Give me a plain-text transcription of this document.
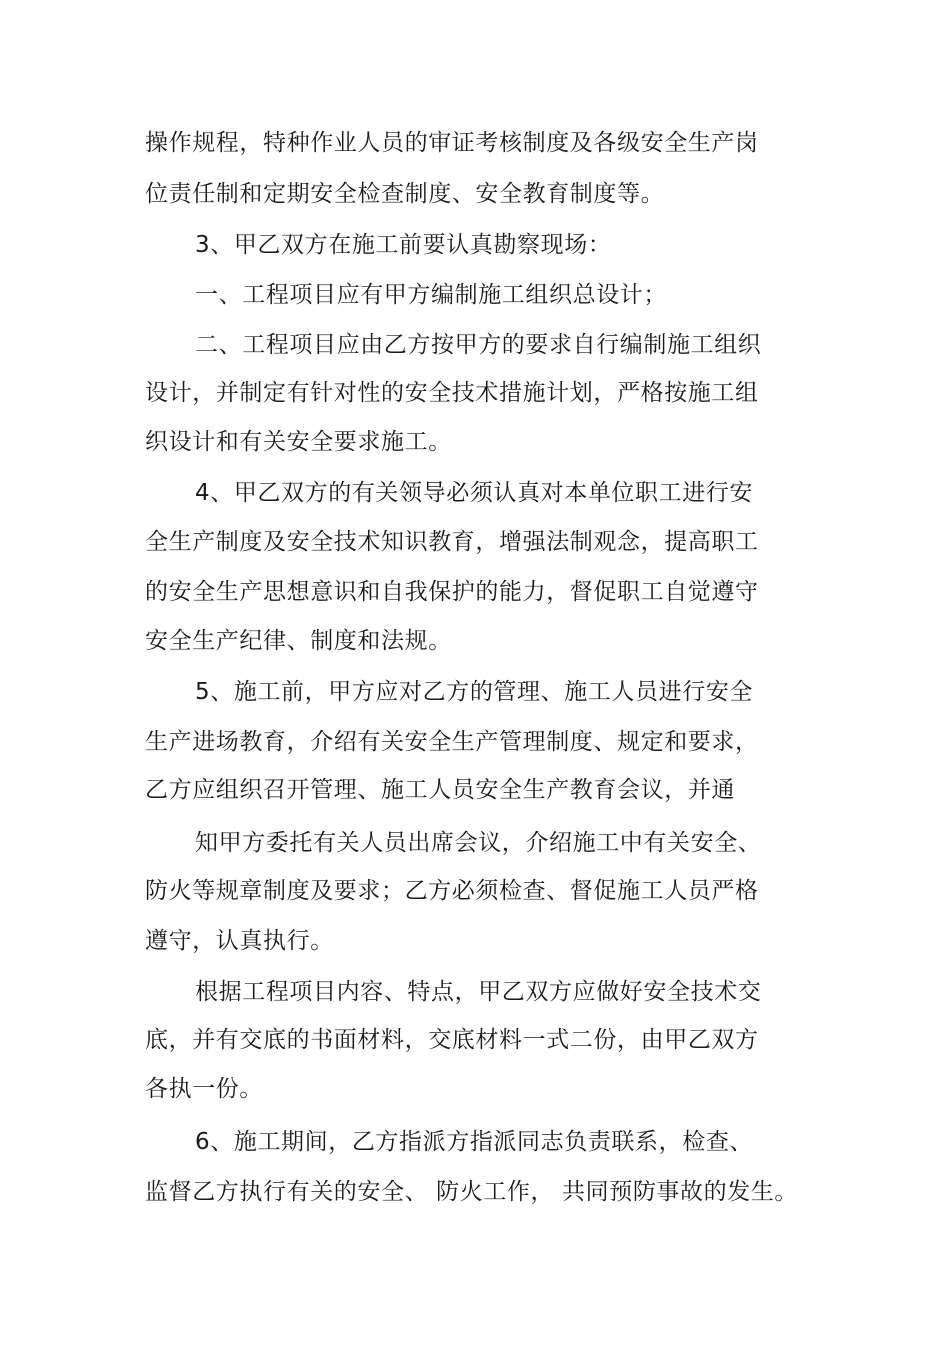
操作规程，特种作业人员的审证考核制度及各级安全生产岗
位责任制和定期安全检查制度、安全教育制度等。
3、甲乙双方在施工前要认真勘察现场：
一、工程项目应有甲方编制施工组织总设计；
二、工程项目应由乙方按甲方的要求自行编制施工组织
设计，并制定有针对性的安全技术措施计划，严格按施工组
织设计和有关安全要求施工。
4、甲乙双方的有关领导必须认真对本单位职工进行安
全生产制度及安全技术知识教育，增强法制观念，提高职工
的安全生产思想意识和自我保护的能力，督促职工自觉遵守
安全生产纪律、制度和法规。
5、施工前，甲方应对乙方的管理、施工人员进行安全
生产进场教育，介绍有关安全生产管理制度、规定和要求，
乙方应组织召开管理、施工人员安全生产教育会议，并通
知甲方委托有关人员出席会议，介绍施工中有关安全、
防火等规章制度及要求；乙方必须检查、督促施工人员严格
遵守，认真执行。
根据工程项目内容、特点，甲乙双方应做好安全技术交
底，并有交底的书面材料，交底材料一式二份，由甲乙双方
各执一份。
6、施工期间，乙方指派方指派同志负责联系，检查、
监督乙方执行有关的安全、 防火工作， 共同预防事故的发生。
